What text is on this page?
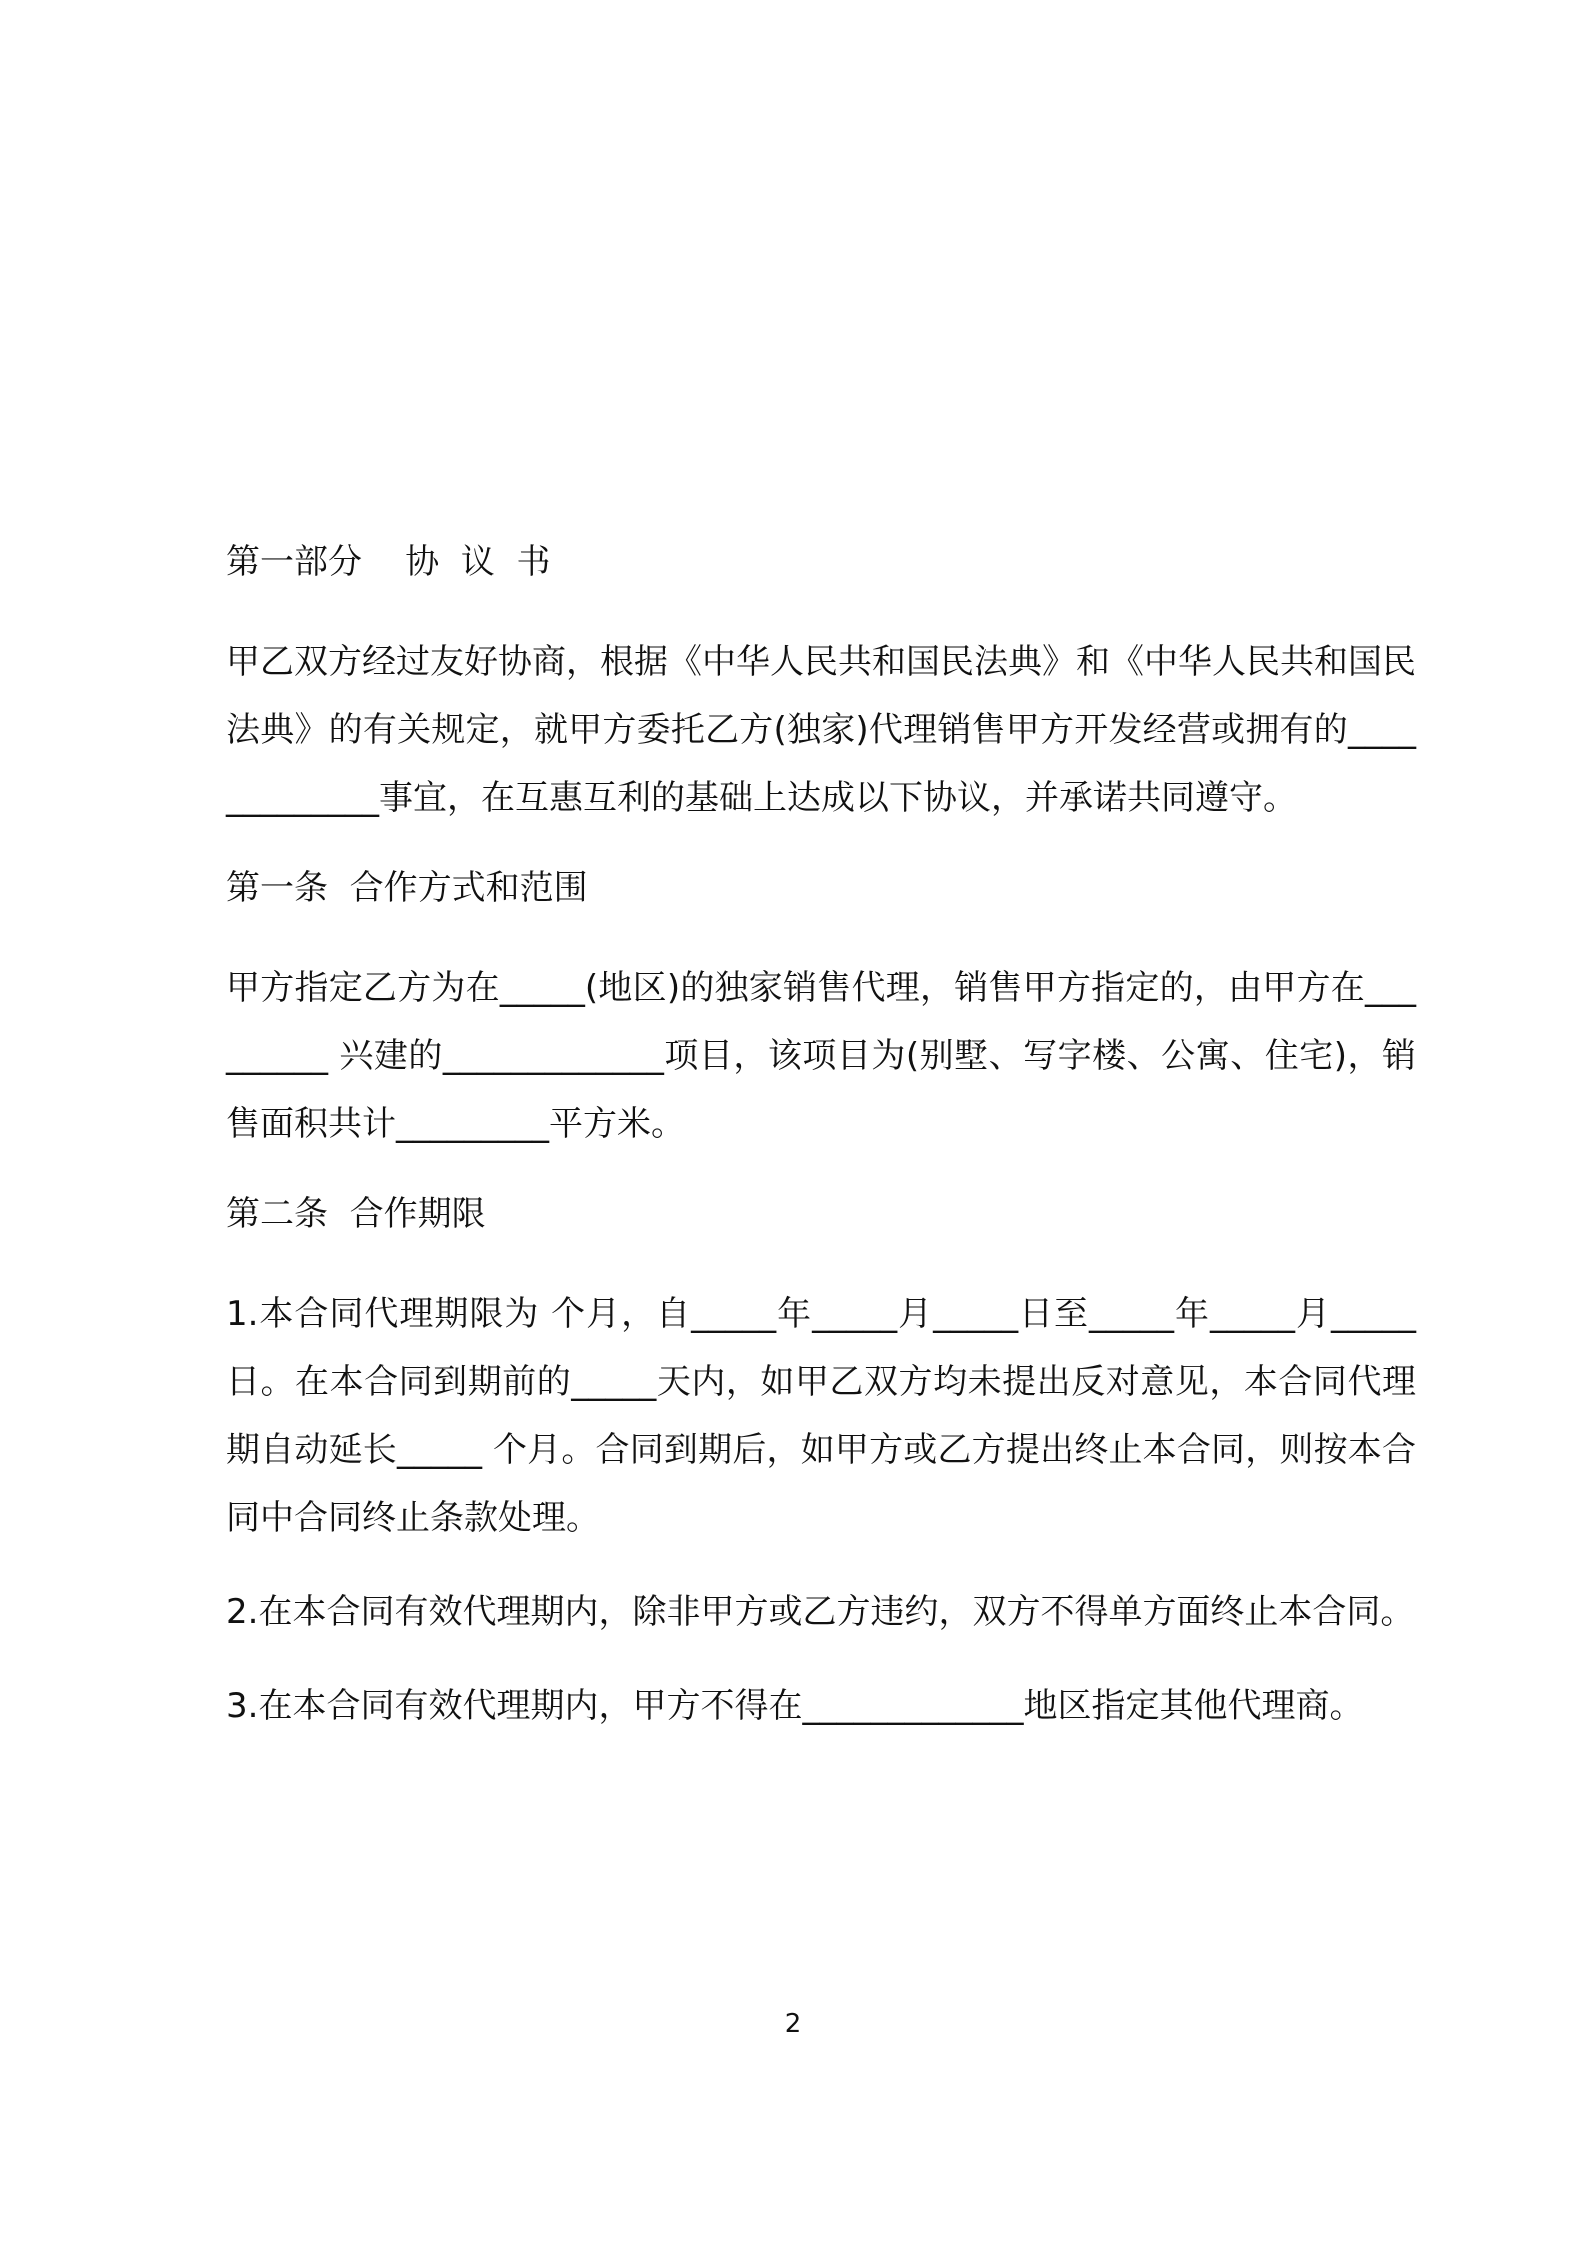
第一部分    协  议  书

甲乙双方经过友好协商，根据《中华人民共和国民法典》和《中华人民共和国民法典》的有关规定，就甲方委托乙方(独家)代理销售甲方开发经营或拥有的_____________事宜，在互惠互利的基础上达成以下协议，并承诺共同遵守。

第一条  合作方式和范围

甲方指定乙方为在_____(地区)的独家销售代理，销售甲方指定的，由甲方在_________ 兴建的_____________项目，该项目为(别墅、写字楼、公寓、住宅)，销售面积共计_________平方米。

第二条  合作期限

1.本合同代理期限为 个月，自_____年_____月_____日至_____年_____月_____日。在本合同到期前的_____天内，如甲乙双方均未提出反对意见，本合同代理期自动延长_____ 个月。合同到期后，如甲方或乙方提出终止本合同，则按本合同中合同终止条款处理。

2.在本合同有效代理期内，除非甲方或乙方违约，双方不得单方面终止本合同。

3.在本合同有效代理期内，甲方不得在_____________地区指定其他代理商。

2
